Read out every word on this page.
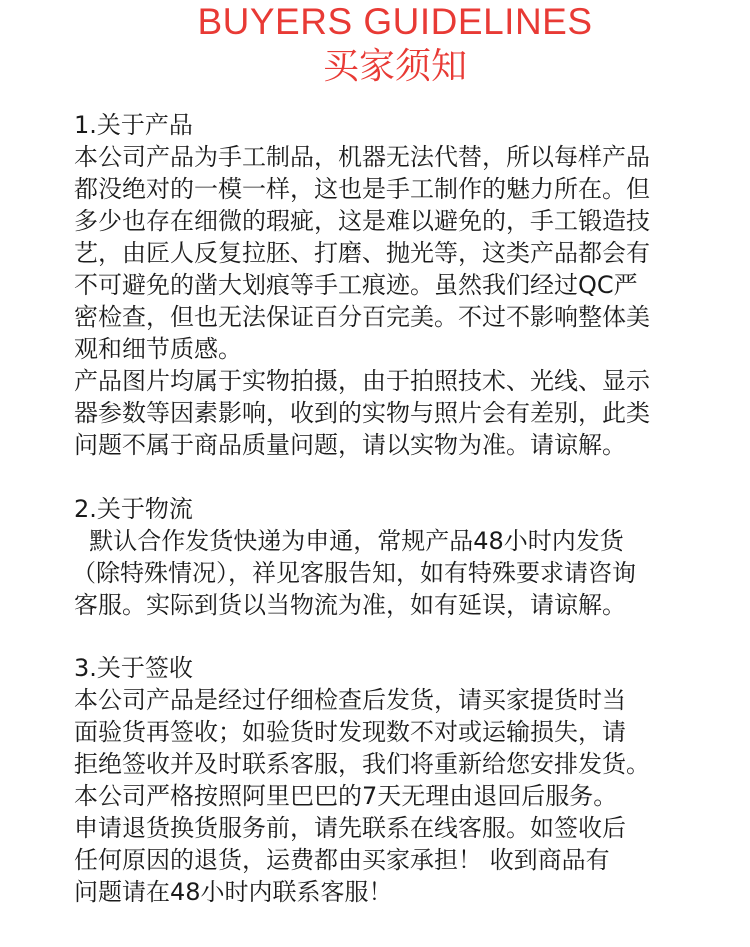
BUYERS GUIDELINES
买家须知
1.关于产品
本公司产品为手工制品，机器无法代替，所以每样产品
都没绝对的一模一样，这也是手工制作的魅力所在。但
多少也存在细微的瑕疵，这是难以避免的，手工锻造技
艺，由匠人反复拉胚、打磨、抛光等，这类产品都会有
不可避免的凿大划痕等手工痕迹。虽然我们经过QC严
密检查，但也无法保证百分百完美。不过不影响整体美
观和细节质感。
产品图片均属于实物拍摄，由于拍照技术、光线、显示
器参数等因素影响，收到的实物与照片会有差别，此类
问题不属于商品质量问题，请以实物为准。请谅解。
2.关于物流
默认合作发货快递为申通，常规产品48小时内发货
（除特殊情况），祥见客服告知，如有特殊要求请咨询
客服。实际到货以当物流为准，如有延误，请谅解。
3.关于签收
本公司产品是经过仔细检查后发货，请买家提货时当
面验货再签收；如验货时发现数不对或运输损失，请
拒绝签收并及时联系客服，我们将重新给您安排发货。
本公司严格按照阿里巴巴的7天无理由退回后服务。
申请退货换货服务前，请先联系在线客服。如签收后
任何原因的退货，运费都由买家承担！ 收到商品有
问题请在48小时内联系客服！
